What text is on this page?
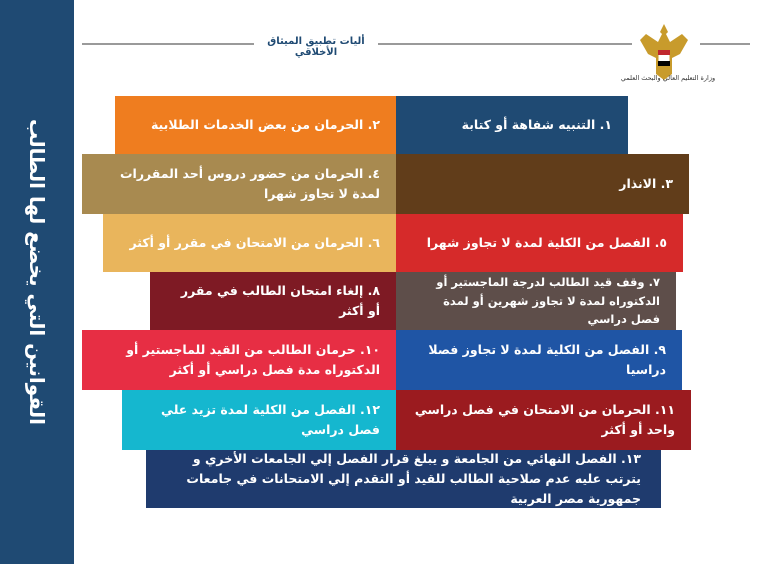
القوانين التي يخضع لها الطالب
أليات تطبيق الميثاق الأخلاقي
وزارة التعليم العالي والبحث العلمي
١. التنبيه شفاهة أو كتابة
٢. الحرمان من بعض الخدمات الطلابية
٣. الانذار
٤. الحرمان من حضور دروس أحد المقررات لمدة لا تجاوز شهرا
٥. الفصل من الكلية لمدة لا تجاوز شهرا
٦. الحرمان من الامتحان في مقرر أو أكثر
٧. وقف قيد الطالب لدرجة الماجستير أو الدكتوراه لمدة لا تجاوز شهرين أو لمدة فصل دراسي
٨. إلغاء امتحان الطالب في مقرر أو أكثر
٩. الفصل من الكلية لمدة لا تجاوز فصلا دراسيا
١٠. حرمان الطالب من القيد للماجستير أو الدكتوراه مدة فصل دراسي أو أكثر
١١. الحرمان من الامتحان في فصل دراسي واحد أو أكثر
١٢. الفصل من الكلية لمدة تزيد علي فصل دراسي
١٣. الفصل النهائي من الجامعة و يبلغ قرار الفصل إلي الجامعات الأخري و يترتب عليه عدم صلاحية الطالب للقيد أو التقدم إلي الامتحانات في جامعات جمهورية مصر العربية
